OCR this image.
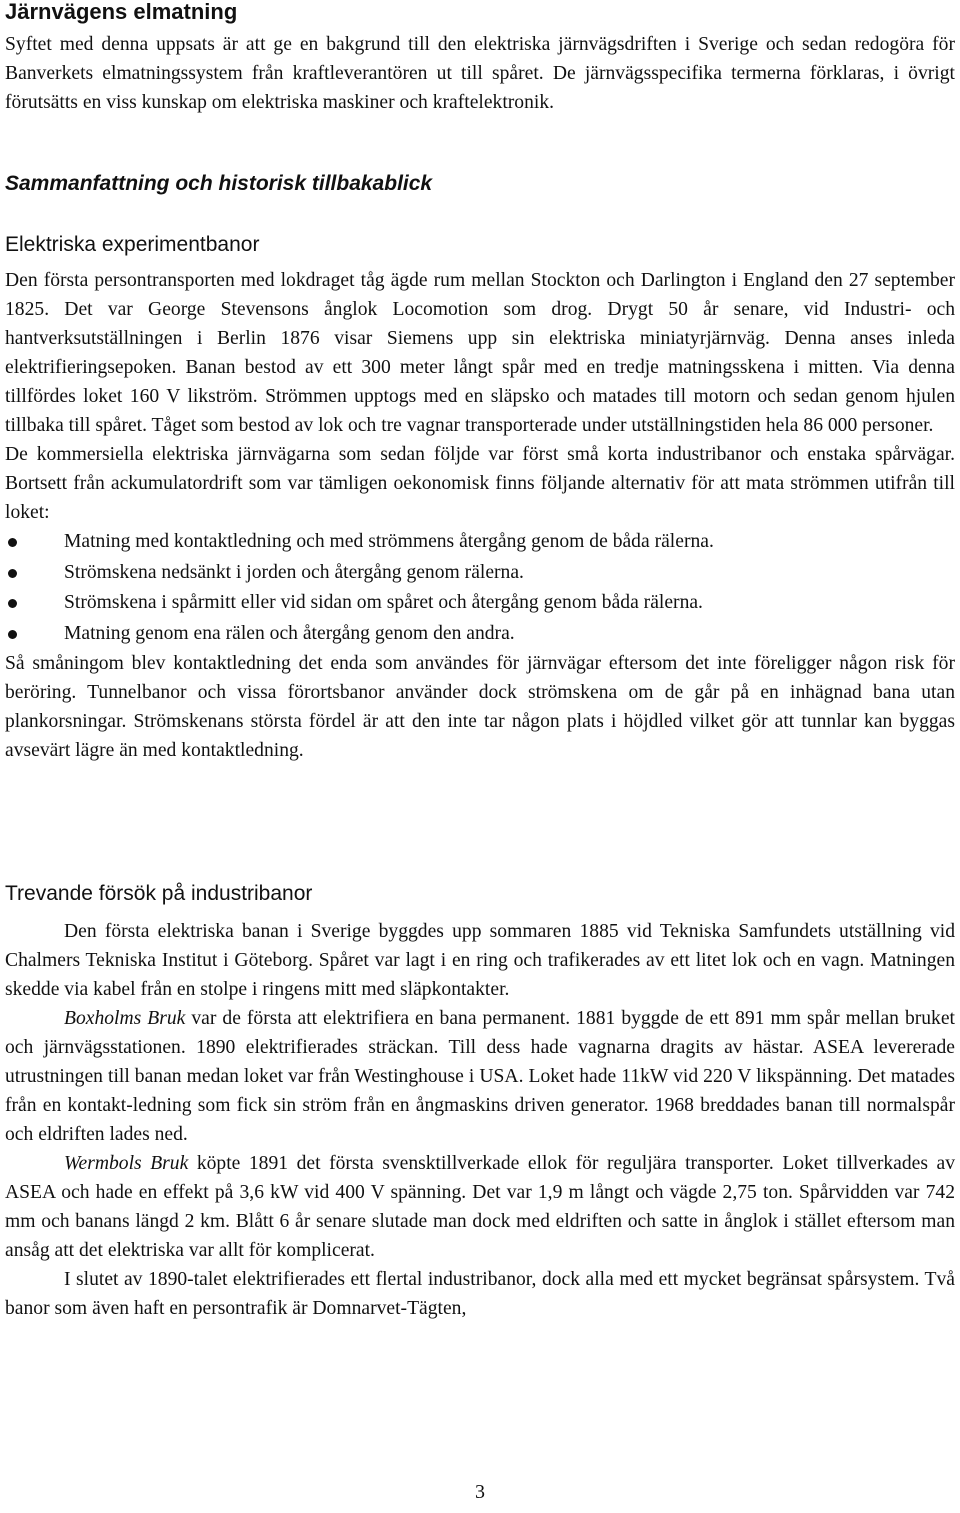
Järnvägens elmatning

Syftet med denna uppsats är att ge en bakgrund till den elektriska järnvägsdriften i Sverige och sedan redogöra för Banverkets elmatningssystem från kraftleverantören ut till spåret. De järnvägsspecifika termerna förklaras, i övrigt förutsätts en viss kunskap om elektriska maskiner och kraftelektronik.

Sammanfattning och historisk tillbakablick
Elektriska experimentbanor

Den första persontransporten med lokdraget tåg ägde rum mellan Stockton och Darlington i England den 27 september 1825. Det var George Stevensons ånglok Locomotion som drog. Drygt 50 år senare, vid Industri- och hantverksutställningen i Berlin 1876 visar Siemens upp sin elektriska miniatyrjärnväg. Denna anses inleda elektrifieringsepoken. Banan bestod av ett 300 meter långt spår med en tredje matningsskena i mitten. Via denna tillfördes loket 160 V likström. Strömmen upptogs med en släpsko och matades till motorn och sedan genom hjulen tillbaka till spåret. Tåget som bestod av lok och tre vagnar transporterade under utställningstiden hela 86 000 personer.

De kommersiella elektriska järnvägarna som sedan följde var först små korta industribanor och enstaka spårvägar. Bortsett från ackumulatordrift som var tämligen oekonomisk finns följande alternativ för att mata strömmen utifrån till loket:

Matning med kontaktledning och med strömmens återgång genom de båda rälerna.
Strömskena nedsänkt i jorden och återgång genom rälerna.
Strömskena i spårmitt eller vid sidan om spåret och återgång genom båda rälerna.
Matning genom ena rälen och återgång genom den andra.

Så småningom blev kontaktledning det enda som användes för järnvägar eftersom det inte föreligger någon risk för beröring. Tunnelbanor och vissa förortsbanor använder dock strömskena om de går på en inhägnad bana utan plankorsningar. Strömskenans största fördel är att den inte tar någon plats i höjdled vilket gör att tunnlar kan byggas avsevärt lägre än med kontaktledning.

Trevande försök på industribanor

Den första elektriska banan i Sverige byggdes upp sommaren 1885 vid Tekniska Samfundets utställning vid Chalmers Tekniska Institut i Göteborg. Spåret var lagt i en ring och trafikerades av ett litet lok och en vagn. Matningen skedde via kabel från en stolpe i ringens mitt med släpkontakter.

Boxholms Bruk var de första att elektrifiera en bana permanent. 1881 byggde de ett 891 mm spår mellan bruket och järnvägsstationen. 1890 elektrifierades sträckan. Till dess hade vagnarna dragits av hästar. ASEA levererade utrustningen till banan medan loket var från Westinghouse i USA. Loket hade 11kW vid 220 V likspänning. Det matades från en kontakt-ledning som fick sin ström från en ångmaskins driven generator. 1968 breddades banan till normalspår och eldriften lades ned.

Wermbols Bruk köpte 1891 det första svensktillverkade ellok för reguljära transporter. Loket tillverkades av ASEA och hade en effekt på 3,6 kW vid 400 V spänning. Det var 1,9 m långt och vägde 2,75 ton. Spårvidden var 742 mm och banans längd 2 km. Blått 6 år senare slutade man dock med eldriften och satte in ånglok i stället eftersom man ansåg att det elektriska var allt för komplicerat.

I slutet av 1890-talet elektrifierades ett flertal industribanor, dock alla med ett mycket begränsat spårsystem. Två banor som även haft en persontrafik är Domnarvet-Tägten,

3
